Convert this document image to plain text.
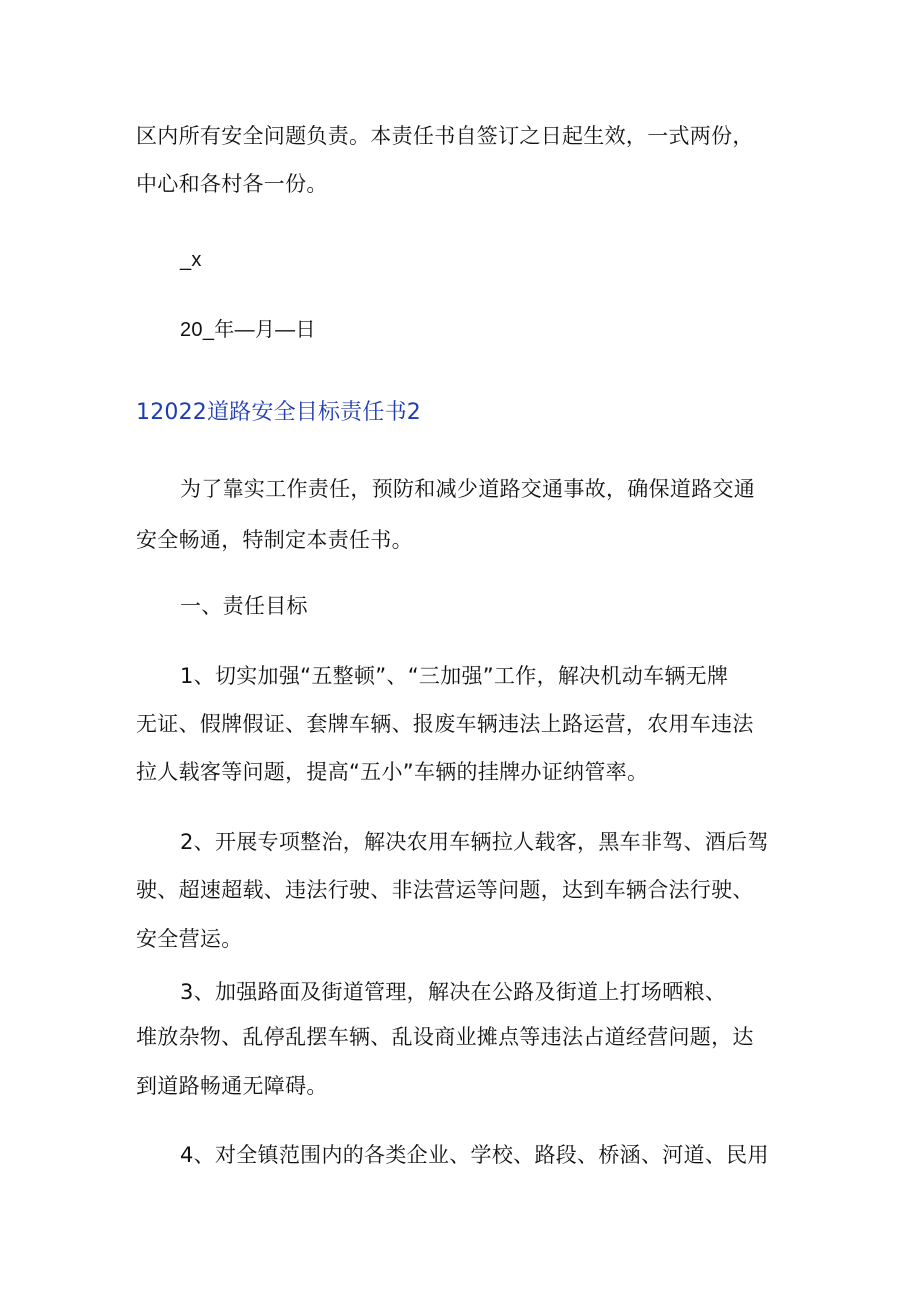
区内所有安全问题负责。本责任书自签订之日起生效，一式两份，
中心和各村各一份。
_x
20_年—月—日
12022道路安全目标责任书2
为了靠实工作责任，预防和减少道路交通事故，确保道路交通
安全畅通，特制定本责任书。
一、责任目标
1、切实加强“五整顿”、“三加强”工作，解决机动车辆无牌
无证、假牌假证、套牌车辆、报废车辆违法上路运营，农用车违法
拉人载客等问题，提高“五小”车辆的挂牌办证纳管率。
2、开展专项整治，解决农用车辆拉人载客，黑车非驾、酒后驾
驶、超速超载、违法行驶、非法营运等问题，达到车辆合法行驶、
安全营运。
3、加强路面及街道管理，解决在公路及街道上打场晒粮、
堆放杂物、乱停乱摆车辆、乱设商业摊点等违法占道经营问题，达
到道路畅通无障碍。
4、对全镇范围内的各类企业、学校、路段、桥涵、河道、民用
